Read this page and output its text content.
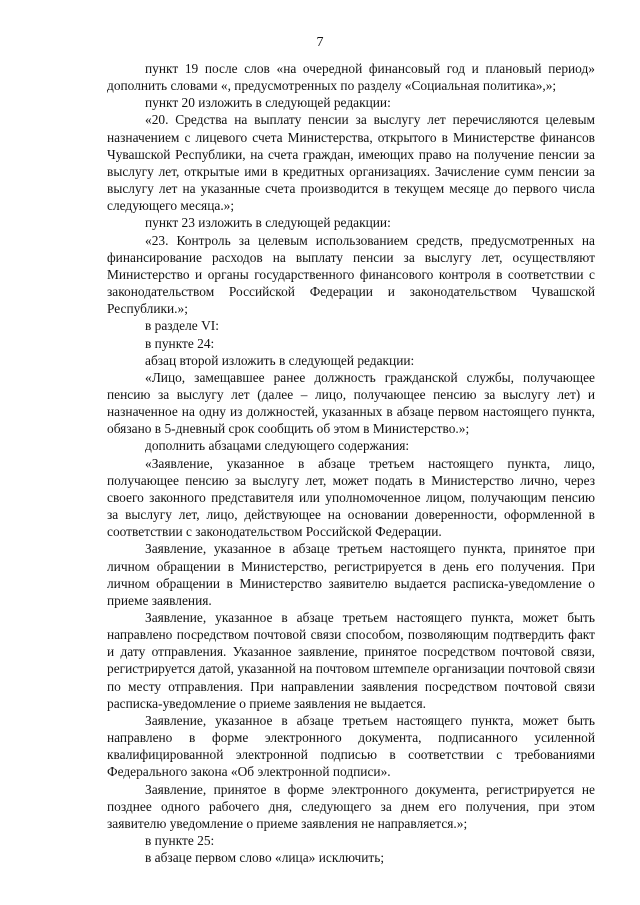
7

пункт 19 после слов «на очередной финансовый год и плановый период» дополнить словами «, предусмотренных по разделу «Социальная политика»,»;

пункт 20 изложить в следующей редакции:

«20. Средства на выплату пенсии за выслугу лет перечисляются целевым назначением с лицевого счета Министерства, открытого в Министерстве финансов Чувашской Республики, на счета граждан, имеющих право на получение пенсии за выслугу лет, открытые ими в кредитных организациях. Зачисление сумм пенсии за выслугу лет на указанные счета производится в текущем месяце до первого числа следующего месяца.»;

пункт 23 изложить в следующей редакции:

«23. Контроль за целевым использованием средств, предусмотренных на финансирование расходов на выплату пенсии за выслугу лет, осуществляют Министерство и органы государственного финансового контроля в соответствии с законодательством Российской Федерации и законодательством Чувашской Республики.»;

в разделе VI:

в пункте 24:

абзац второй изложить в следующей редакции:

«Лицо, замещавшее ранее должность гражданской службы, получающее пенсию за выслугу лет (далее – лицо, получающее пенсию за выслугу лет) и назначенное на одну из должностей, указанных в абзаце первом настоящего пункта, обязано в 5-дневный срок сообщить об этом в Министерство.»;

дополнить абзацами следующего содержания:

«Заявление, указанное в абзаце третьем настоящего пункта, лицо, получающее пенсию за выслугу лет, может подать в Министерство лично, через своего законного представителя или уполномоченное лицом, получающим пенсию за выслугу лет, лицо, действующее на основании доверенности, оформленной в соответствии с законодательством Российской Федерации.

Заявление, указанное в абзаце третьем настоящего пункта, принятое при личном обращении в Министерство, регистрируется в день его получения. При личном обращении в Министерство заявителю выдается расписка-уведомление о приеме заявления.

Заявление, указанное в абзаце третьем настоящего пункта, может быть направлено посредством почтовой связи способом, позволяющим подтвердить факт и дату отправления. Указанное заявление, принятое посредством почтовой связи, регистрируется датой, указанной на почтовом штемпеле организации почтовой связи по месту отправления. При направлении заявления посредством почтовой связи расписка-уведомление о приеме заявления не выдается.

Заявление, указанное в абзаце третьем настоящего пункта, может быть направлено в форме электронного документа, подписанного усиленной квалифицированной электронной подписью в соответствии с требованиями Федерального закона «Об электронной подписи».

Заявление, принятое в форме электронного документа, регистрируется не позднее одного рабочего дня, следующего за днем его получения, при этом заявителю уведомление о приеме заявления не направляется.»;

в пункте 25:

в абзаце первом слово «лица» исключить;
